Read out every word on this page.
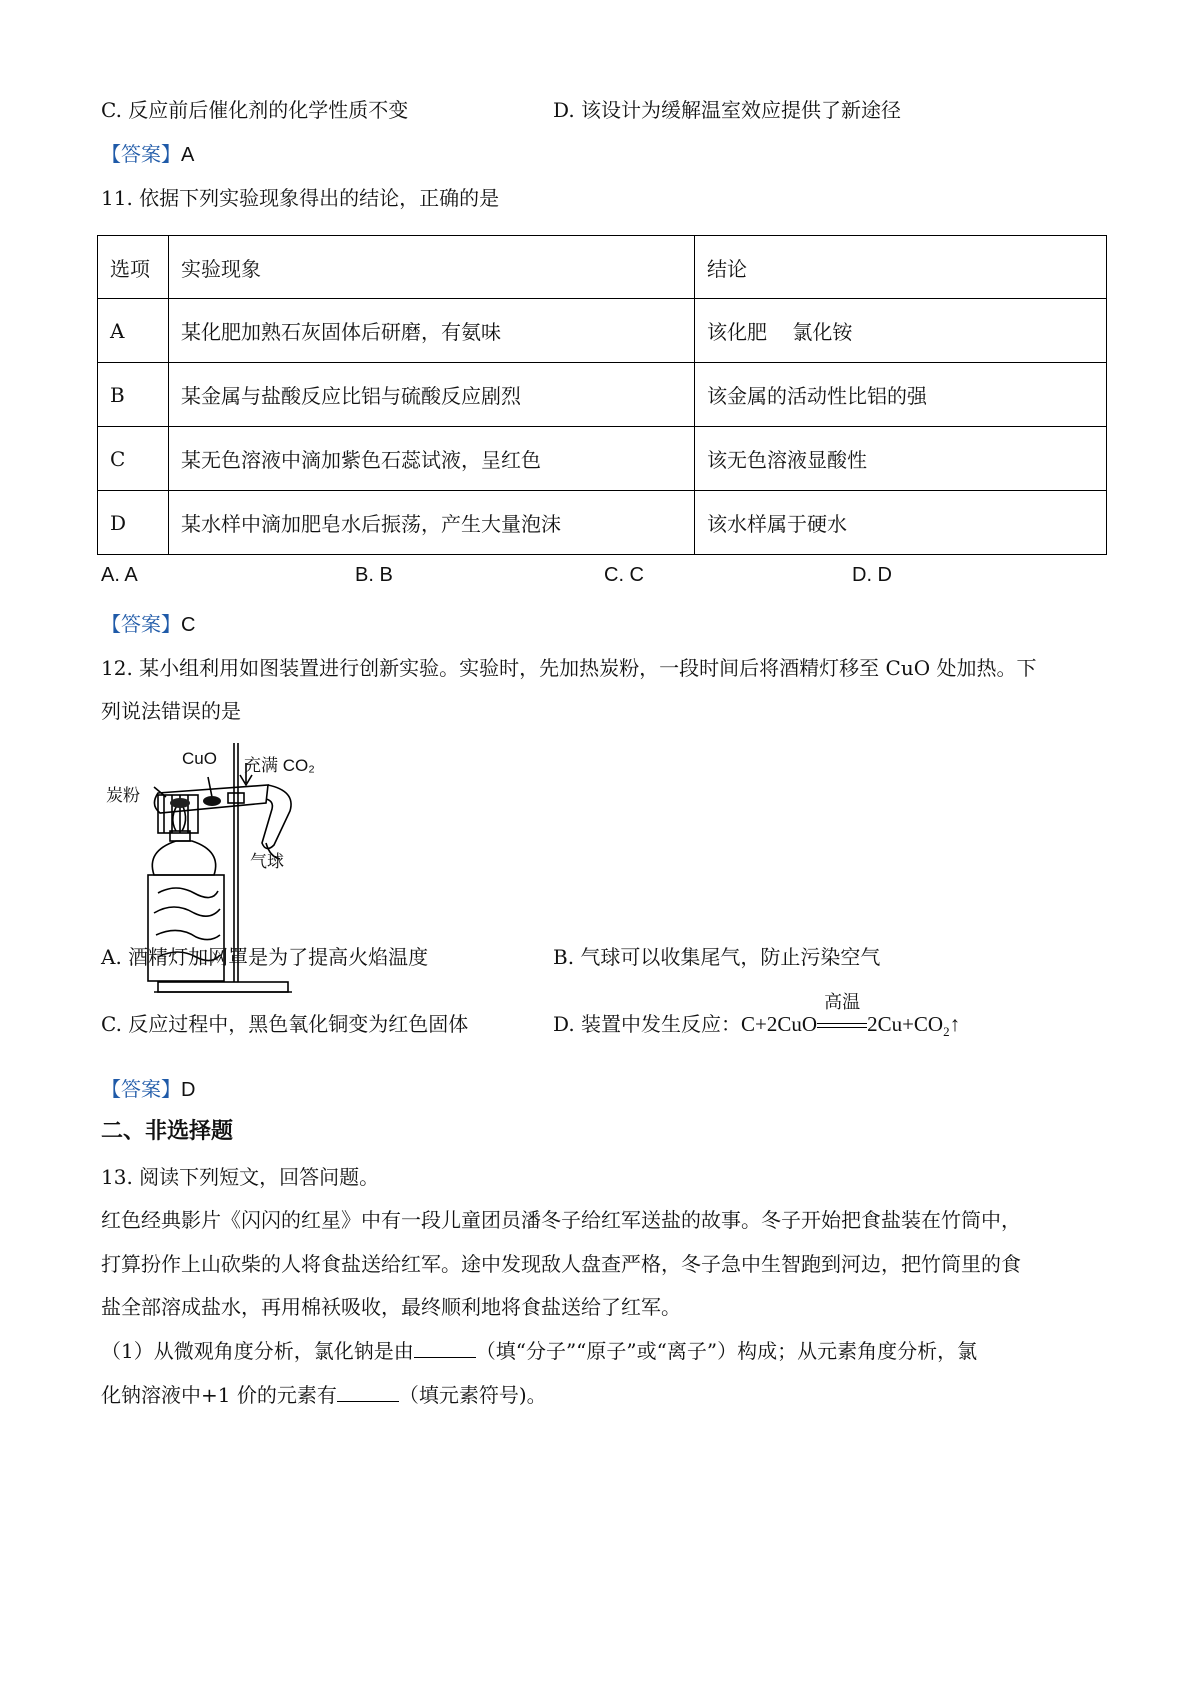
C. 反应前后催化剂的化学性质不变	D. 该设计为缓解温室效应提供了新途径
【答案】A
11. 依据下列实验现象得出的结论，正确的是
选项	实验现象	结论
A	某化肥加熟石灰固体后研磨，有氨味	该化肥    氯化铵
B	某金属与盐酸反应比铝与硫酸反应剧烈	该金属的活动性比铝的强
C	某无色溶液中滴加紫色石蕊试液，呈红色	该无色溶液显酸性
D	某水样中滴加肥皂水后振荡，产生大量泡沫	该水样属于硬水
A. A	B. B	C. C	D. D
【答案】C
12. 某小组利用如图装置进行创新实验。实验时，先加热炭粉，一段时间后将酒精灯移至 CuO 处加热。下
列说法错误的是
CuO 充满 CO₂
炭粉
气球
A. 酒精灯加网罩是为了提高火焰温度	B. 气球可以收集尾气，防止污染空气
C. 反应过程中，黑色氧化铜变为红色固体	D. 装置中发生反应：C+2CuO
高温
$2Cu+CO_2↑$
【答案】D
二、非选择题
13. 阅读下列短文，回答问题。
红色经典影片《闪闪的红星》中有一段儿童团员潘冬子给红军送盐的故事。冬子开始把食盐装在竹筒中，
打算扮作上山砍柴的人将食盐送给红军。途中发现敌人盘查严格，冬子急中生智跑到河边，把竹筒里的食
盐全部溶成盐水，再用棉袄吸收，最终顺利地将食盐送给了红军。
（1）从微观角度分析，氯化钠是由	（填“分子”“原子”或“离子”）构成；从元素角度分析，氯
化钠溶液中+1 价的元素有	（填元素符号)。
